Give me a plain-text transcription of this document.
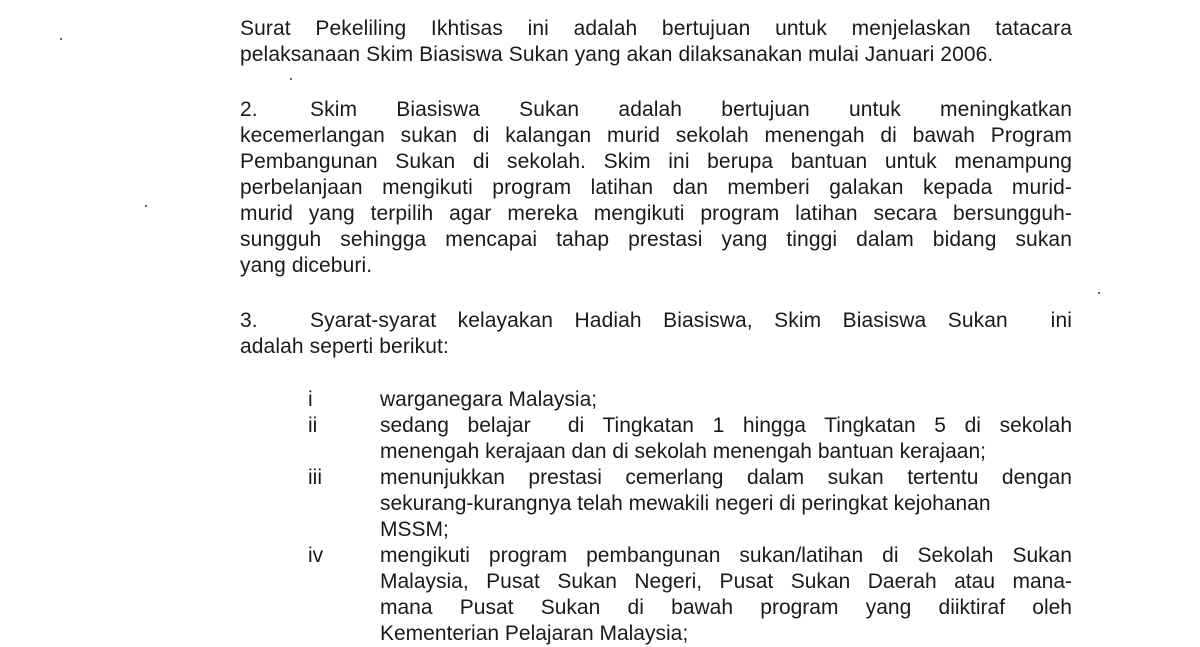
Surat Pekeliling Ikhtisas ini adalah bertujuan untuk menjelaskan tatacara
pelaksanaan Skim Biasiswa Sukan yang akan dilaksanakan mulai Januari 2006.
2. Skim Biasiswa Sukan adalah bertujuan untuk meningkatkan
kecemerlangan sukan di kalangan murid sekolah menengah di bawah Program
Pembangunan Sukan di sekolah. Skim ini berupa bantuan untuk menampung
perbelanjaan mengikuti program latihan dan memberi galakan kepada murid-
murid yang terpilih agar mereka mengikuti program latihan secara bersungguh-
sungguh sehingga mencapai tahap prestasi yang tinggi dalam bidang sukan
yang diceburi.
3. Syarat-syarat kelayakan Hadiah Biasiswa, Skim Biasiswa Sukan  ini
adalah seperti berikut:
i	warganegara Malaysia;
ii	sedang belajar  di Tingkatan 1 hingga Tingkatan 5 di sekolah
menengah kerajaan dan di sekolah menengah bantuan kerajaan;
iii	menunjukkan prestasi cemerlang dalam sukan tertentu dengan
sekurang-kurangnya telah mewakili negeri di peringkat kejohanan
MSSM;
iv	mengikuti program pembangunan sukan/latihan di Sekolah Sukan
Malaysia, Pusat Sukan Negeri, Pusat Sukan Daerah atau mana-
mana Pusat Sukan di bawah program yang diiktiraf oleh
Kementerian Pelajaran Malaysia;
